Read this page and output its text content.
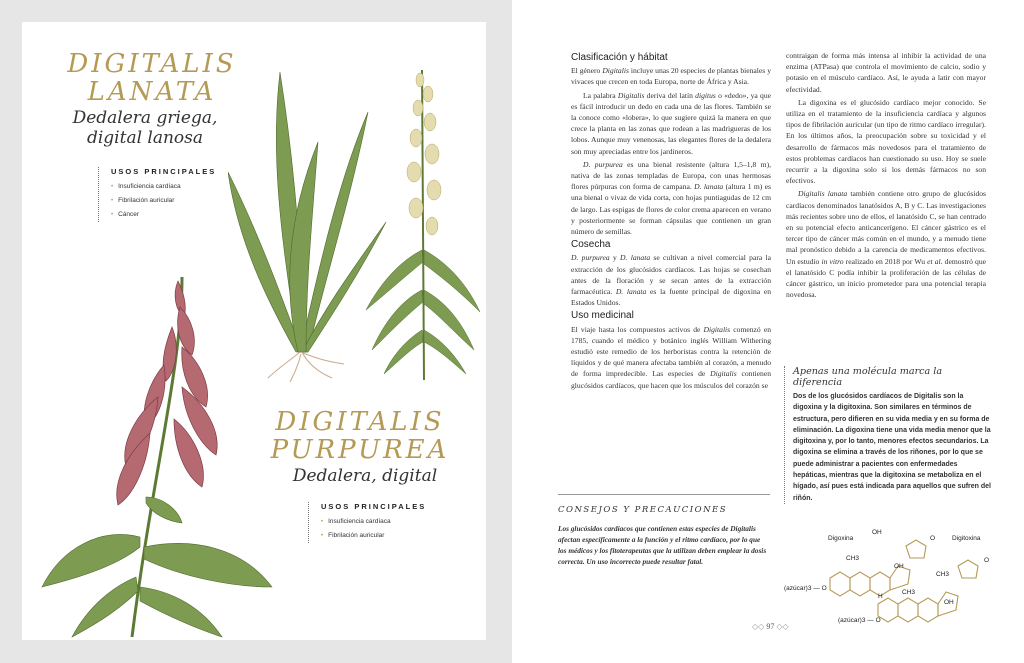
DIGITALIS
LANATA
Dedalera griega, digital lanosa
USOS PRINCIPALES
• Insuficiencia cardíaca
• Fibrilación auricular
• Cáncer
DIGITALIS
PURPUREA
Dedalera, digital
USOS PRINCIPALES
• Insuficiencia cardíaca
• Fibrilación auricular
Clasificación y hábitat

El género Digitalis incluye unas 20 especies de plantas bienales y vivaces que crecen en toda Europa, norte de África y Asia.

La palabra Digitalis deriva del latín digitus o «dedo», ya que es fácil introducir un dedo en cada una de las flores. También se la conoce como «lobera», lo que sugiere quizá la manera en que crece la planta en las zonas que rodean a las madrigueras de los lobos. Aunque muy venenosas, las elegantes flores de la dedalera son muy apreciadas entre los jardineros.

D. purpurea es una bienal resistente (altura 1,5–1,8 m), nativa de las zonas templadas de Europa, con unas hermosas flores púrpuras con forma de campana. D. lanata (altura 1 m) es una bienal o vivaz de vida corta, con hojas puntiagudas de 12 cm de largo. Las espigas de flores de color crema aparecen en verano y posteriormente se forman cápsulas que contienen un gran número de semillas.

Cosecha

D. purpurea y D. lanata se cultivan a nivel comercial para la extracción de los glucósidos cardíacos. Las hojas se cosechan antes de la floración y se secan antes de la extracción farmacéutica. D. lanata es la fuente principal de digoxina en Estados Unidos.

Uso medicinal

El viaje hasta los compuestos activos de Digitalis comenzó en 1785, cuando el médico y botánico inglés William Withering estudió este remedio de los herboristas contra la retención de líquidos y de qué manera afectaba también al corazón, a menudo de forma impredecible. Las especies de Digitalis contienen glucósidos cardíacos, que hacen que los músculos del corazón se

contraigan de forma más intensa al inhibir la actividad de una enzima (ATPasa) que controla el movimiento de calcio, sodio y potasio en el músculo cardíaco. Así, le ayuda a latir con mayor efectividad.

La digoxina es el glucósido cardíaco mejor conocido. Se utiliza en el tratamiento de la insuficiencia cardíaca y algunos tipos de fibrilación auricular (un tipo de ritmo cardíaco irregular). En los últimos años, la preocupación sobre su toxicidad y el desarrollo de fármacos más novedosos para el tratamiento de estos problemas cardíacos han cuestionado su uso. Hoy se suele recurrir a la digoxina solo si los demás fármacos no son efectivos.

Digitalis lanata también contiene otro grupo de glucósidos cardíacos denominados lanatósidos A, B y C. Las investigaciones más recientes sobre uno de ellos, el lanatósido C, se han centrado en su potencial efecto anticancerígeno. El cáncer gástrico es el tercer tipo de cáncer más común en el mundo, y a menudo tiene mal pronóstico debido a la carencia de medicamentos efectivos. Un estudio in vitro realizado en 2018 por Wu et al. demostró que el lanatósido C podía inhibir la proliferación de las células de cáncer gástrico, un inicio prometedor para una potencial terapia novedosa.

CONSEJOS Y PRECAUCIONES

Los glucósidos cardíacos que contienen estas especies de Digitalis afectan específicamente a la función y el ritmo cardíaco, por lo que los médicos y los fitoterapeutas que la utilizan deben emplear la dosis correcta. Un uso incorrecto puede resultar fatal.

Apenas una molécula marca la diferencia

Dos de los glucósidos cardíacos de Digitalis son la digoxina y la digitoxina. Son similares en términos de estructura, pero difieren en su vida media y en su forma de eliminación. La digoxina tiene una vida media menor que la digitoxina y, por lo tanto, menores efectos secundarios. La digoxina se elimina a través de los riñones, por lo que se puede administrar a pacientes con enfermedades hepáticas, mientras que la digitoxina se metaboliza en el hígado, así pues está indicada para aquellos que sufren del riñón.

Digoxina	Digitoxina
OH
OH
OH
CH3
CH3
CH3
H
O
O
(azúcar)3 — O
(azúcar)3 — O
◇◇ 97 ◇◇
